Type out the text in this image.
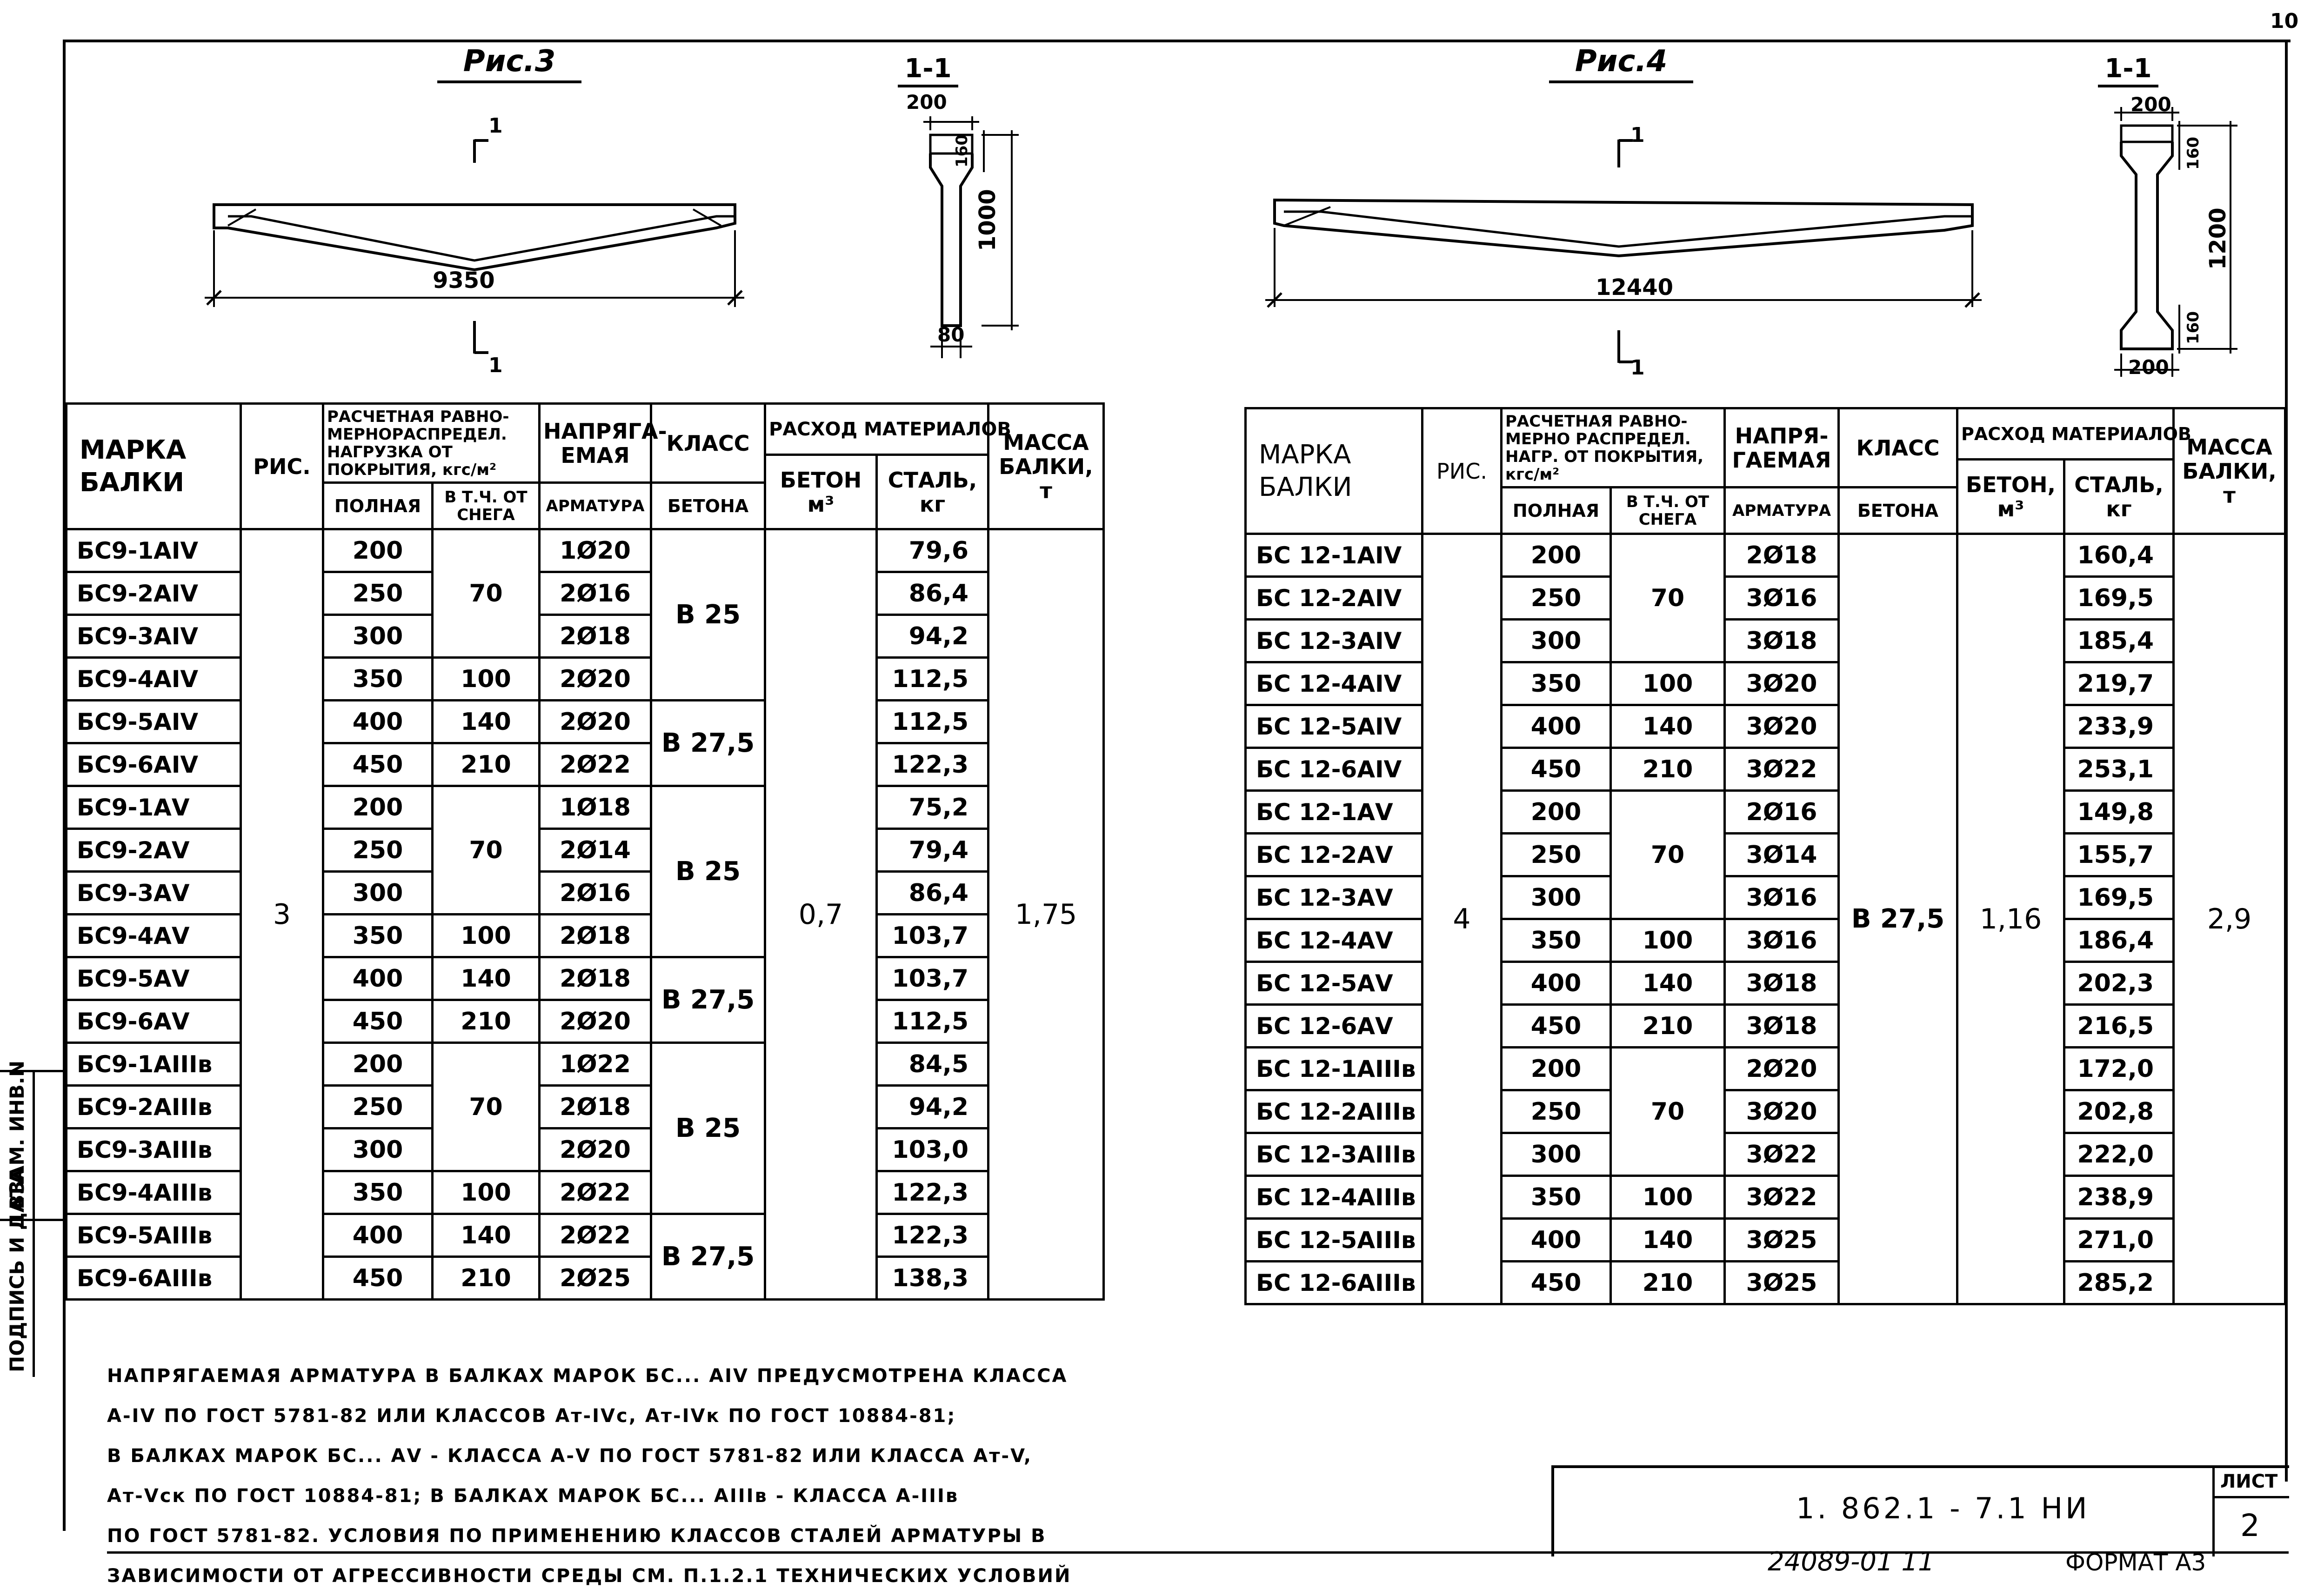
10
Рис.3	1-1
1
1
9350
200
160
1000
80
Рис.4	1-1
1
1
12440
200
160
1200
160
200
МАРКА БАЛКИ	РИС.	РАСЧЕТНАЯ РАВНО-МЕРНОРАСПРЕДЕЛ. НАГРУЗКА ОТ ПОКРЫТИЯ, кгс/м²		НАПРЯГА-ЕМАЯ	КЛАСС	РАСХОД МАТЕРИАЛОВ		МАССА БАЛКИ, т
						БЕТОН м³	СТАЛЬ, кг	
		ПОЛНАЯ	В Т.Ч. ОТ СНЕГА	АРМАТУРА	БЕТОНА			
БС9-1АIV	3	200	70	1Ø20	B 25	0,7	79,6	1,75
БС9-2АIV		250		2Ø16			86,4	
БС9-3АIV		300		2Ø18			94,2	
БС9-4АIV		350	100	2Ø20			112,5	
БС9-5АIV		400	140	2Ø20	B 27,5		112,5	
БС9-6АIV		450	210	2Ø22			122,3	
БС9-1АV		200	70	1Ø18	B 25		75,2	
БС9-2АV		250		2Ø14			79,4	
БС9-3АV		300		2Ø16			86,4	
БС9-4АV		350	100	2Ø18			103,7	
БС9-5АV		400	140	2Ø18	B 27,5		103,7	
БС9-6АV		450	210	2Ø20			112,5	
БС9-1АIIIв		200	70	1Ø22	B 25		84,5	
БС9-2АIIIв		250		2Ø18			94,2	
БС9-3АIIIв		300		2Ø20			103,0	
БС9-4АIIIв		350	100	2Ø22			122,3	
БС9-5АIIIв		400	140	2Ø22	B 27,5		122,3	
БС9-6АIIIв		450	210	2Ø25			138,3	
МАРКА БАЛКИ	РИС.	РАСЧЕТНАЯ РАВНО-МЕРНО РАСПРЕДЕЛ. НАГР. ОТ ПОКРЫТИЯ, кгс/м²		НАПРЯ-ГАЕМАЯ	КЛАСС	РАСХОД МАТЕРИАЛОВ		МАССА БАЛКИ, т
						БЕТОН, м³	СТАЛЬ, кг	
		ПОЛНАЯ	В Т.Ч. ОТ СНЕГА	АРМАТУРА	БЕТОНА			
БС 12-1АIV	4	200	70	2Ø18	B 27,5	1,16	160,4	2,9
БС 12-2АIV		250		3Ø16			169,5	
БС 12-3АIV		300		3Ø18			185,4	
БС 12-4АIV		350	100	3Ø20			219,7	
БС 12-5АIV		400	140	3Ø20			233,9	
БС 12-6АIV		450	210	3Ø22			253,1	
БС 12-1АV		200	70	2Ø16			149,8	
БС 12-2АV		250		3Ø14			155,7	
БС 12-3АV		300		3Ø16			169,5	
БС 12-4АV		350	100	3Ø16			186,4	
БС 12-5АV		400	140	3Ø18			202,3	
БС 12-6АV		450	210	3Ø18			216,5	
БС 12-1АIIIв		200	70	2Ø20			172,0	
БС 12-2АIIIв		250		3Ø20			202,8	
БС 12-3АIIIв		300		3Ø22			222,0	
БС 12-4АIIIв		350	100	3Ø22			238,9	
БС 12-5АIIIв		400	140	3Ø25			271,0	
БС 12-6АIIIв		450	210	3Ø25			285,2	
НАПРЯГАЕМАЯ АРМАТУРА В БАЛКАХ МАРОК БС... АIV ПРЕДУСМОТРЕНА КЛАССА
А-IV ПО ГОСТ 5781-82 ИЛИ КЛАССОВ Ат-IVс, Ат-IVк ПО ГОСТ 10884-81;
В БАЛКАХ МАРОК БС... АV - КЛАССА А-V ПО ГОСТ 5781-82 ИЛИ КЛАССА Ат-V,
Ат-Vск ПО ГОСТ 10884-81; В БАЛКАХ МАРОК БС... АIIIв - КЛАССА А-IIIв
ПО ГОСТ 5781-82. УСЛОВИЯ ПО ПРИМЕНЕНИЮ КЛАССОВ СТАЛЕЙ АРМАТУРЫ В
ЗАВИСИМОСТИ ОТ АГРЕССИВНОСТИ СРЕДЫ СМ. П.1.2.1 ТЕХНИЧЕСКИХ УСЛОВИЙ
1. 862.1 - 7.1 НИ
ЛИСТ
2
24089-01 11	ФОРМАТ А3
ВЗАМ. ИНВ.N
ПОДПИСЬ И ДАТА
